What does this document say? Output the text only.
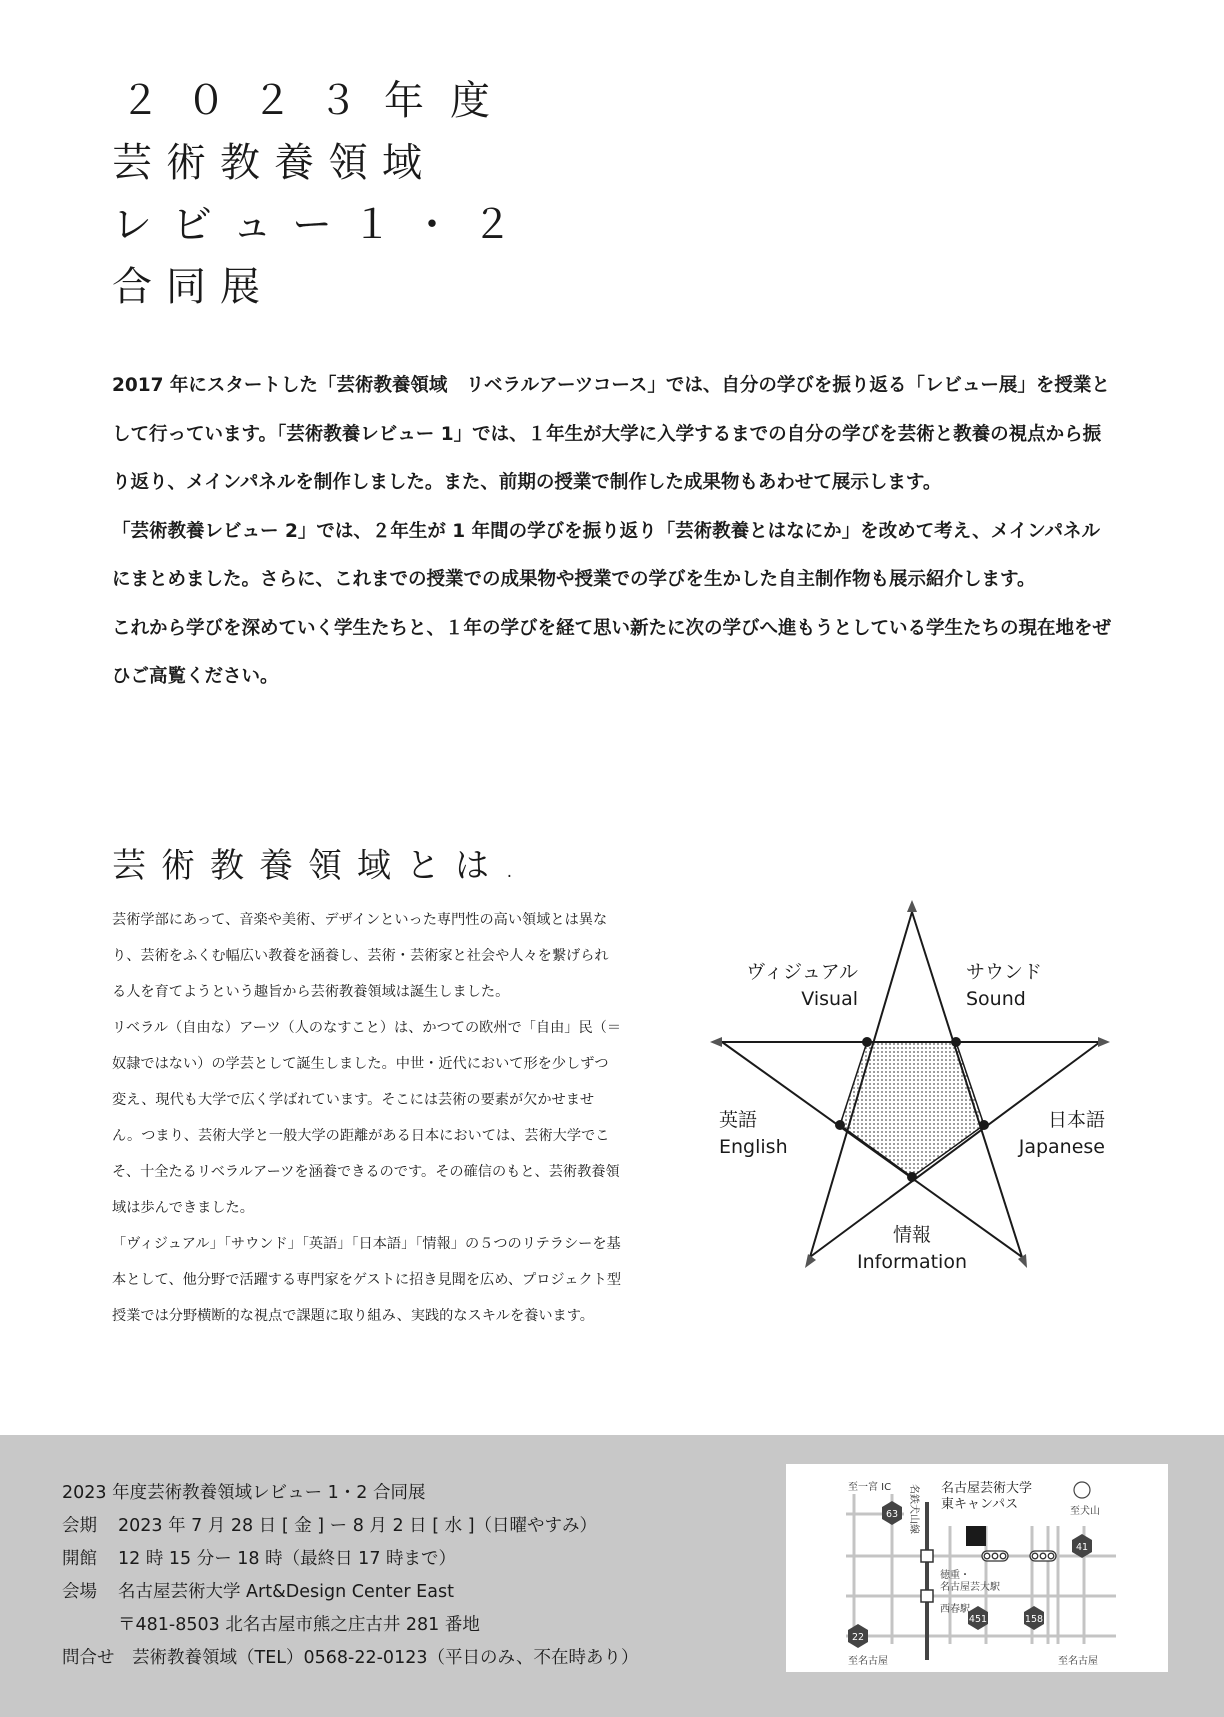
２０２３年度
芸術教養領域
レビュー１・２
合同展

2017 年にスタートした「芸術教養領域　リベラルアーツコース」では、自分の学びを振り返る「レビュー展」を授業として行っています。「芸術教養レビュー 1」では、１年生が大学に入学するまでの自分の学びを芸術と教養の視点から振り返り、メインパネルを制作しました。また、前期の授業で制作した成果物もあわせて展示します。

「芸術教養レビュー 2」では、２年生が 1 年間の学びを振り返り「芸術教養とはなにか」を改めて考え、メインパネルにまとめました。さらに、これまでの授業での成果物や授業での学びを生かした自主制作物も展示紹介します。

これから学びを深めていく学生たちと、１年の学びを経て思い新たに次の学びへ進もうとしている学生たちの現在地をぜひご高覧ください。

芸術教養領域とは.

芸術学部にあって、音楽や美術、デザインといった専門性の高い領域とは異なり、芸術をふくむ幅広い教養を涵養し、芸術・芸術家と社会や人々を繋げられる人を育てようという趣旨から芸術教養領域は誕生しました。

リベラル（自由な）アーツ（人のなすこと）は、かつての欧州で「自由」民（＝奴隷ではない）の学芸として誕生しました。中世・近代において形を少しずつ変え、現代も大学で広く学ばれています。そこには芸術の要素が欠かせません。つまり、芸術大学と一般大学の距離がある日本においては、芸術大学でこそ、十全たるリベラルアーツを涵養できるのです。その確信のもと、芸術教養領域は歩んできました。

「ヴィジュアル」「サウンド」「英語」「日本語」「情報」の５つのリテラシーを基本として、他分野で活躍する専門家をゲストに招き見聞を広め、プロジェクト型授業では分野横断的な視点で課題に取り組み、実践的なスキルを養います。

ヴィジュアル
Visual
サウンド
Sound
英語
English
日本語
Japanese
情報
Information
2023 年度芸術教養領域レビュー 1・2 合同展
会期 2023 年 7 月 28 日 [ 金 ] ー 8 月 2 日 [ 水 ]（日曜やすみ）
開館 12 時 15 分ー 18 時（最終日 17 時まで）
会場 名古屋芸術大学 Art&Design Center East
〒481-8503 北名古屋市熊之庄古井 281 番地
問合せ 芸術教養領域（TEL）0568-22-0123（平日のみ、不在時あり）
63
41
22
451	158
至一宮 IC
至犬山
徳重・
名古屋芸大駅
西春駅
至名古屋	至名古屋
名鉄犬山線 名古屋芸術大学
東キャンパス
